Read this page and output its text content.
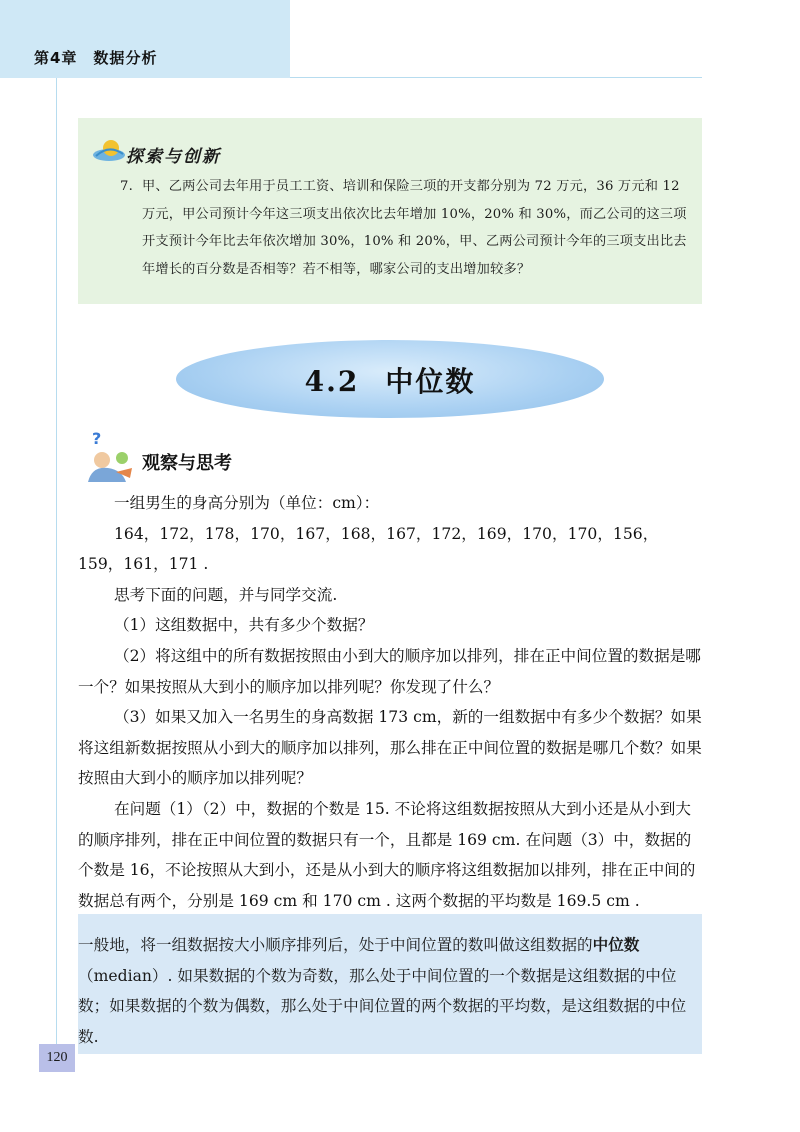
第4章　数据分析
探索与创新
7. 甲、乙两公司去年用于员工工资、培训和保险三项的开支都分别为 72 万元，36 万元和 12万元，甲公司预计今年这三项支出依次比去年增加 10%，20% 和 30%，而乙公司的这三项开支预计今年比去年依次增加 30%，10% 和 20%，甲、乙两公司预计今年的三项支出比去年增长的百分数是否相等？若不相等，哪家公司的支出增加较多？
4.2 中位数
?
观察与思考

一组男生的身高分别为（单位：cm）：

164，172，178，170，167，168，167，172，169，170，170，156，159，161，171 .

思考下面的问题，并与同学交流.

（1）这组数据中，共有多少个数据？

（2）将这组中的所有数据按照由小到大的顺序加以排列，排在正中间位置的数据是哪一个？如果按照从大到小的顺序加以排列呢？你发现了什么？

（3）如果又加入一名男生的身高数据 173 cm，新的一组数据中有多少个数据？如果将这组新数据按照从小到大的顺序加以排列，那么排在正中间位置的数据是哪几个数？如果按照由大到小的顺序加以排列呢？

在问题（1）（2）中，数据的个数是 15. 不论将这组数据按照从大到小还是从小到大的顺序排列，排在正中间位置的数据只有一个，且都是 169 cm. 在问题（3）中，数据的个数是 16，不论按照从大到小，还是从小到大的顺序将这组数据加以排列，排在正中间的数据总有两个，分别是 169 cm 和 170 cm . 这两个数据的平均数是 169.5 cm .

一般地，将一组数据按大小顺序排列后，处于中间位置的数叫做这组数据的中位数（median）. 如果数据的个数为奇数，那么处于中间位置的一个数据是这组数据的中位数；如果数据的个数为偶数，那么处于中间位置的两个数据的平均数，是这组数据的中位数.

120
